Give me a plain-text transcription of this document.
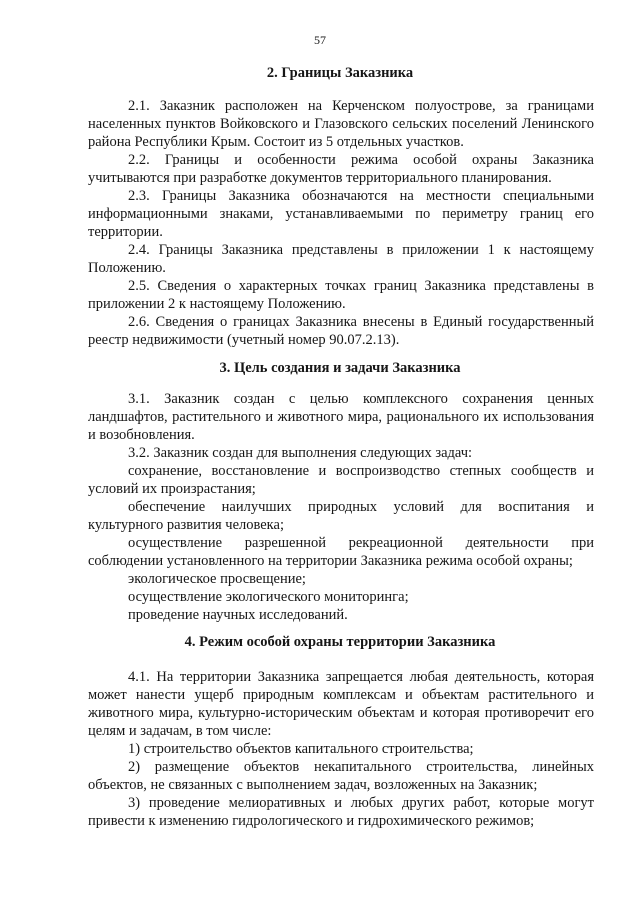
57
2. Границы Заказника
2.1. Заказник расположен на Керченском полуострове, за границами населенных пунктов Войковского и Глазовского сельских поселений Ленинского района Республики Крым. Состоит из 5 отдельных участков.
2.2. Границы и особенности режима особой охраны Заказника учитываются при разработке документов территориального планирования.
2.3. Границы Заказника обозначаются на местности специальными информационными знаками, устанавливаемыми по периметру границ его территории.
2.4. Границы Заказника представлены в приложении 1 к настоящему Положению.
2.5. Сведения о характерных точках границ Заказника представлены в приложении 2 к настоящему Положению.
2.6. Сведения о границах Заказника внесены в Единый государственный реестр недвижимости (учетный номер 90.07.2.13).
3. Цель создания и задачи Заказника
3.1. Заказник создан с целью комплексного сохранения ценных ландшафтов, растительного и животного мира, рационального их использования и возобновления.
3.2. Заказник создан для выполнения следующих задач:
сохранение, восстановление и воспроизводство степных сообществ и условий их произрастания;
обеспечение наилучших природных условий для воспитания и культурного развития человека;
осуществление разрешенной рекреационной деятельности при соблюдении установленного на территории Заказника режима особой охраны;
экологическое просвещение;
осуществление экологического мониторинга;
проведение научных исследований.
4. Режим особой охраны территории Заказника
4.1. На территории Заказника запрещается любая деятельность, которая может нанести ущерб природным комплексам и объектам растительного и животного мира, культурно-историческим объектам и которая противоречит его целям и задачам, в том числе:
1) строительство объектов капитального строительства;
2) размещение объектов некапитального строительства, линейных объектов, не связанных с выполнением задач, возложенных на Заказник;
3) проведение мелиоративных и любых других работ, которые могут привести к изменению гидрологического и гидрохимического режимов;
